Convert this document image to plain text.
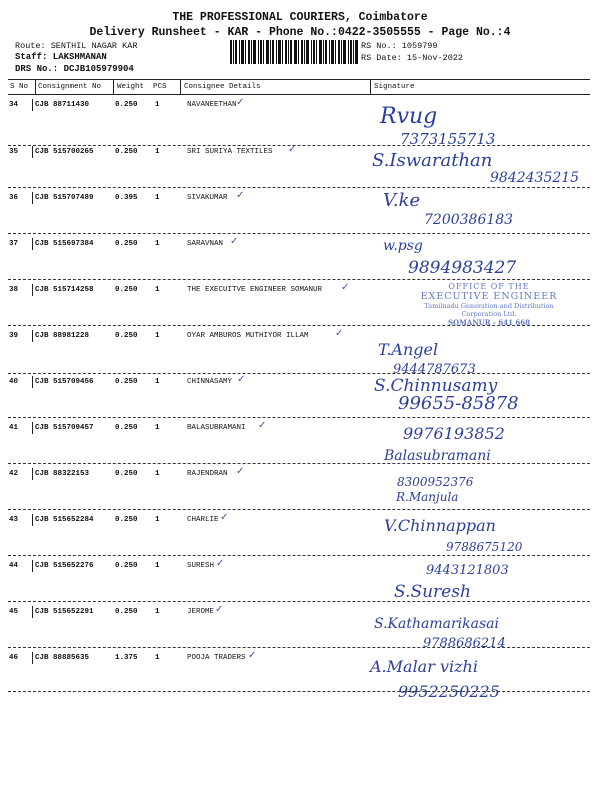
THE PROFESSIONAL COURIERS, Coimbatore
Delivery Runsheet - KAR - Phone No.:0422-3505555 - Page No.:4
Route: SENTHIL NAGAR KAR
Staff: LAKSHMANAN
DRS No.: DCJB105979904
RS No.: 1059799
RS Date: 15-Nov-2022
S No Consignment No Weight PCS Consignee Details	Signature
34 CJB 88711430	0.250 1	NAVANEETHAN ✓
Rvug
7373155713
35 CJB 515700265	0.250 1	SRI SURIYA TEXTILES ✓
S.Iswarathan
9842435215
36 CJB 515707489	0.395 1	SIVAKUMAR ✓	V.ke
7200386183
37 CJB 515697384	0.250 1	SARAVNAN ✓	w.psg
9894983427
38 CJB 515714258	0.250 1	THE EXECUITVE ENGINEER SOMANUR ✓	OFFICE OF THE
EXECUTIVE ENGINEER
Tamilnadu Generation and Distribution Corporation Ltd.
SOMANUR - 641 668
39 CJB 88981228	0.250 1	OYAR AMBUROS MUTHIYOR ILLAM	✓
T.Angel
9444787673
40 CJB 515709456	0.250 1	CHINNASAMY ✓	S.Chinnusamy
99655-85878
41 CJB 515709457	0.250 1	BALASUBRAMANI ✓
Balasubramani
9976193852
42 CJB 88322153	0.250 1	RAJENDRAN ✓
R.Manjula
8300952376
43 CJB 515652284	0.250 1	CHARLIE ✓	V.Chinnappan
9788675120
44 CJB 515652276	0.250 1	SURESH ✓
S.Suresh
9443121803
45 CJB 515652291	0.250 1	JEROME ✓
S.Kathamarikasai
9788686214
46 CJB 88885635	1.375 1	POOJA TRADERS ✓
A.Malar vizhi
9952250225
